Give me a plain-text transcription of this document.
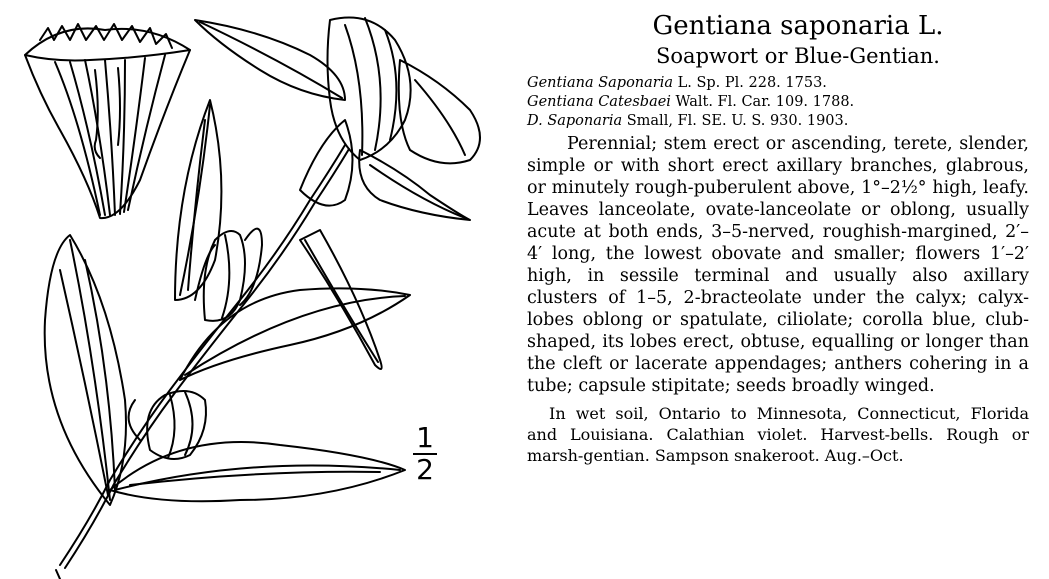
1
2
Gentiana saponaria L.
Soapwort or Blue-Gentian.
Gentiana Saponaria L. Sp. Pl. 228. 1753.
Gentiana Catesbaei Walt. Fl. Car. 109. 1788.
D. Saponaria Small, Fl. SE. U. S. 930. 1903.

Perennial; stem erect or ascending, terete, slender, simple or with short erect axillary branches, glabrous, or minutely rough-puberulent above, 1°–2½° high, leafy. Leaves lanceolate, ovate-lanceolate or oblong, usually acute at both ends, 3–5-nerved, roughish-margined, 2′–4′ long, the lowest obovate and smaller; flowers 1′–2′ high, in sessile terminal and usually also axillary clusters of 1–5, 2-bracteolate under the calyx; calyx-lobes oblong or spatulate, ciliolate; corolla blue, club-shaped, its lobes erect, obtuse, equalling or longer than the cleft or lacerate appendages; anthers cohering in a tube; capsule stipitate; seeds broadly winged.

In wet soil, Ontario to Minnesota, Connecticut, Florida and Louisiana. Calathian violet. Harvest-bells. Rough or marsh-gentian. Sampson snakeroot. Aug.–Oct.
